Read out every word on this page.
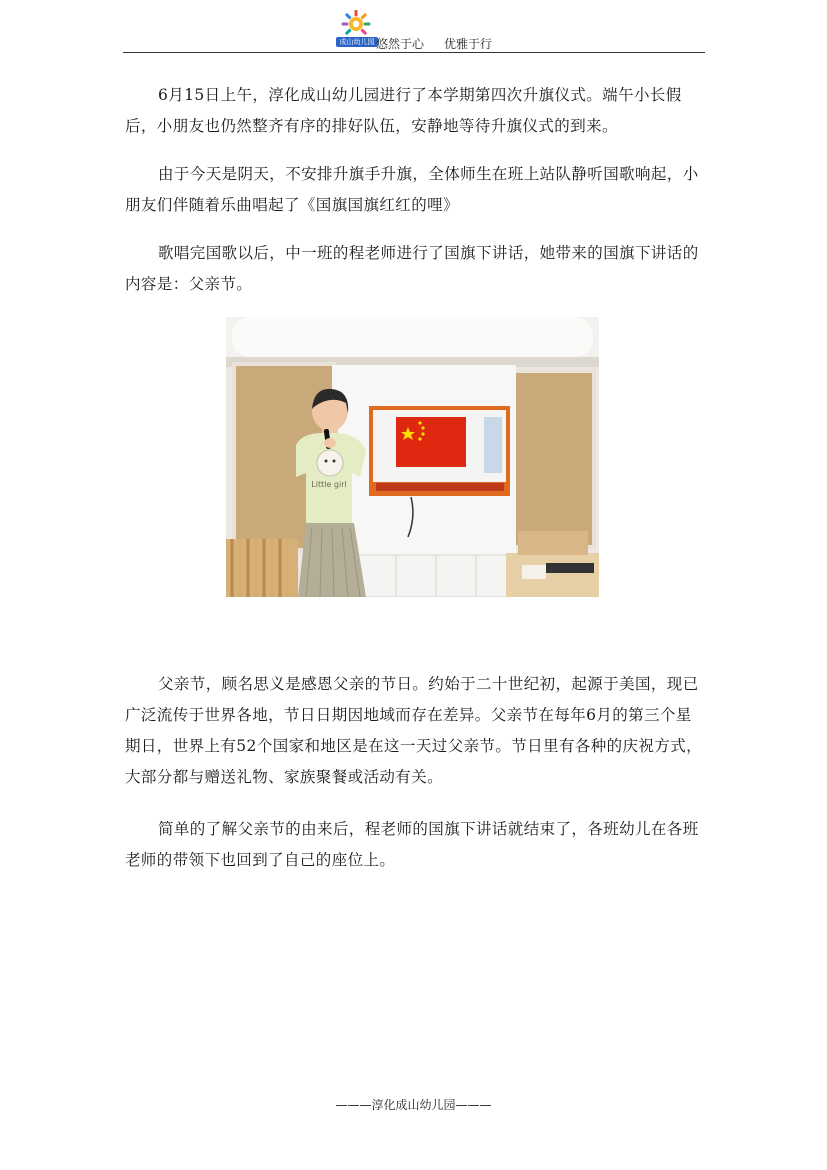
成山幼儿园 悠然于心 优雅于行

6月15日上午，淳化成山幼儿园进行了本学期第四次升旗仪式。端午小长假后，小朋友也仍然整齐有序的排好队伍，安静地等待升旗仪式的到来。

由于今天是阴天，不安排升旗手升旗，全体师生在班上站队静听国歌响起，小朋友们伴随着乐曲唱起了《国旗国旗红红的哩》

歌唱完国歌以后，中一班的程老师进行了国旗下讲话，她带来的国旗下讲话的内容是：父亲节。

Little girl

父亲节，顾名思义是感恩父亲的节日。约始于二十世纪初，起源于美国，现已广泛流传于世界各地，节日日期因地域而存在差异。父亲节在每年6月的第三个星期日，世界上有52个国家和地区是在这一天过父亲节。节日里有各种的庆祝方式，大部分都与赠送礼物、家族聚餐或活动有关。

简单的了解父亲节的由来后，程老师的国旗下讲话就结束了，各班幼儿在各班老师的带领下也回到了自己的座位上。

———淳化成山幼儿园———
